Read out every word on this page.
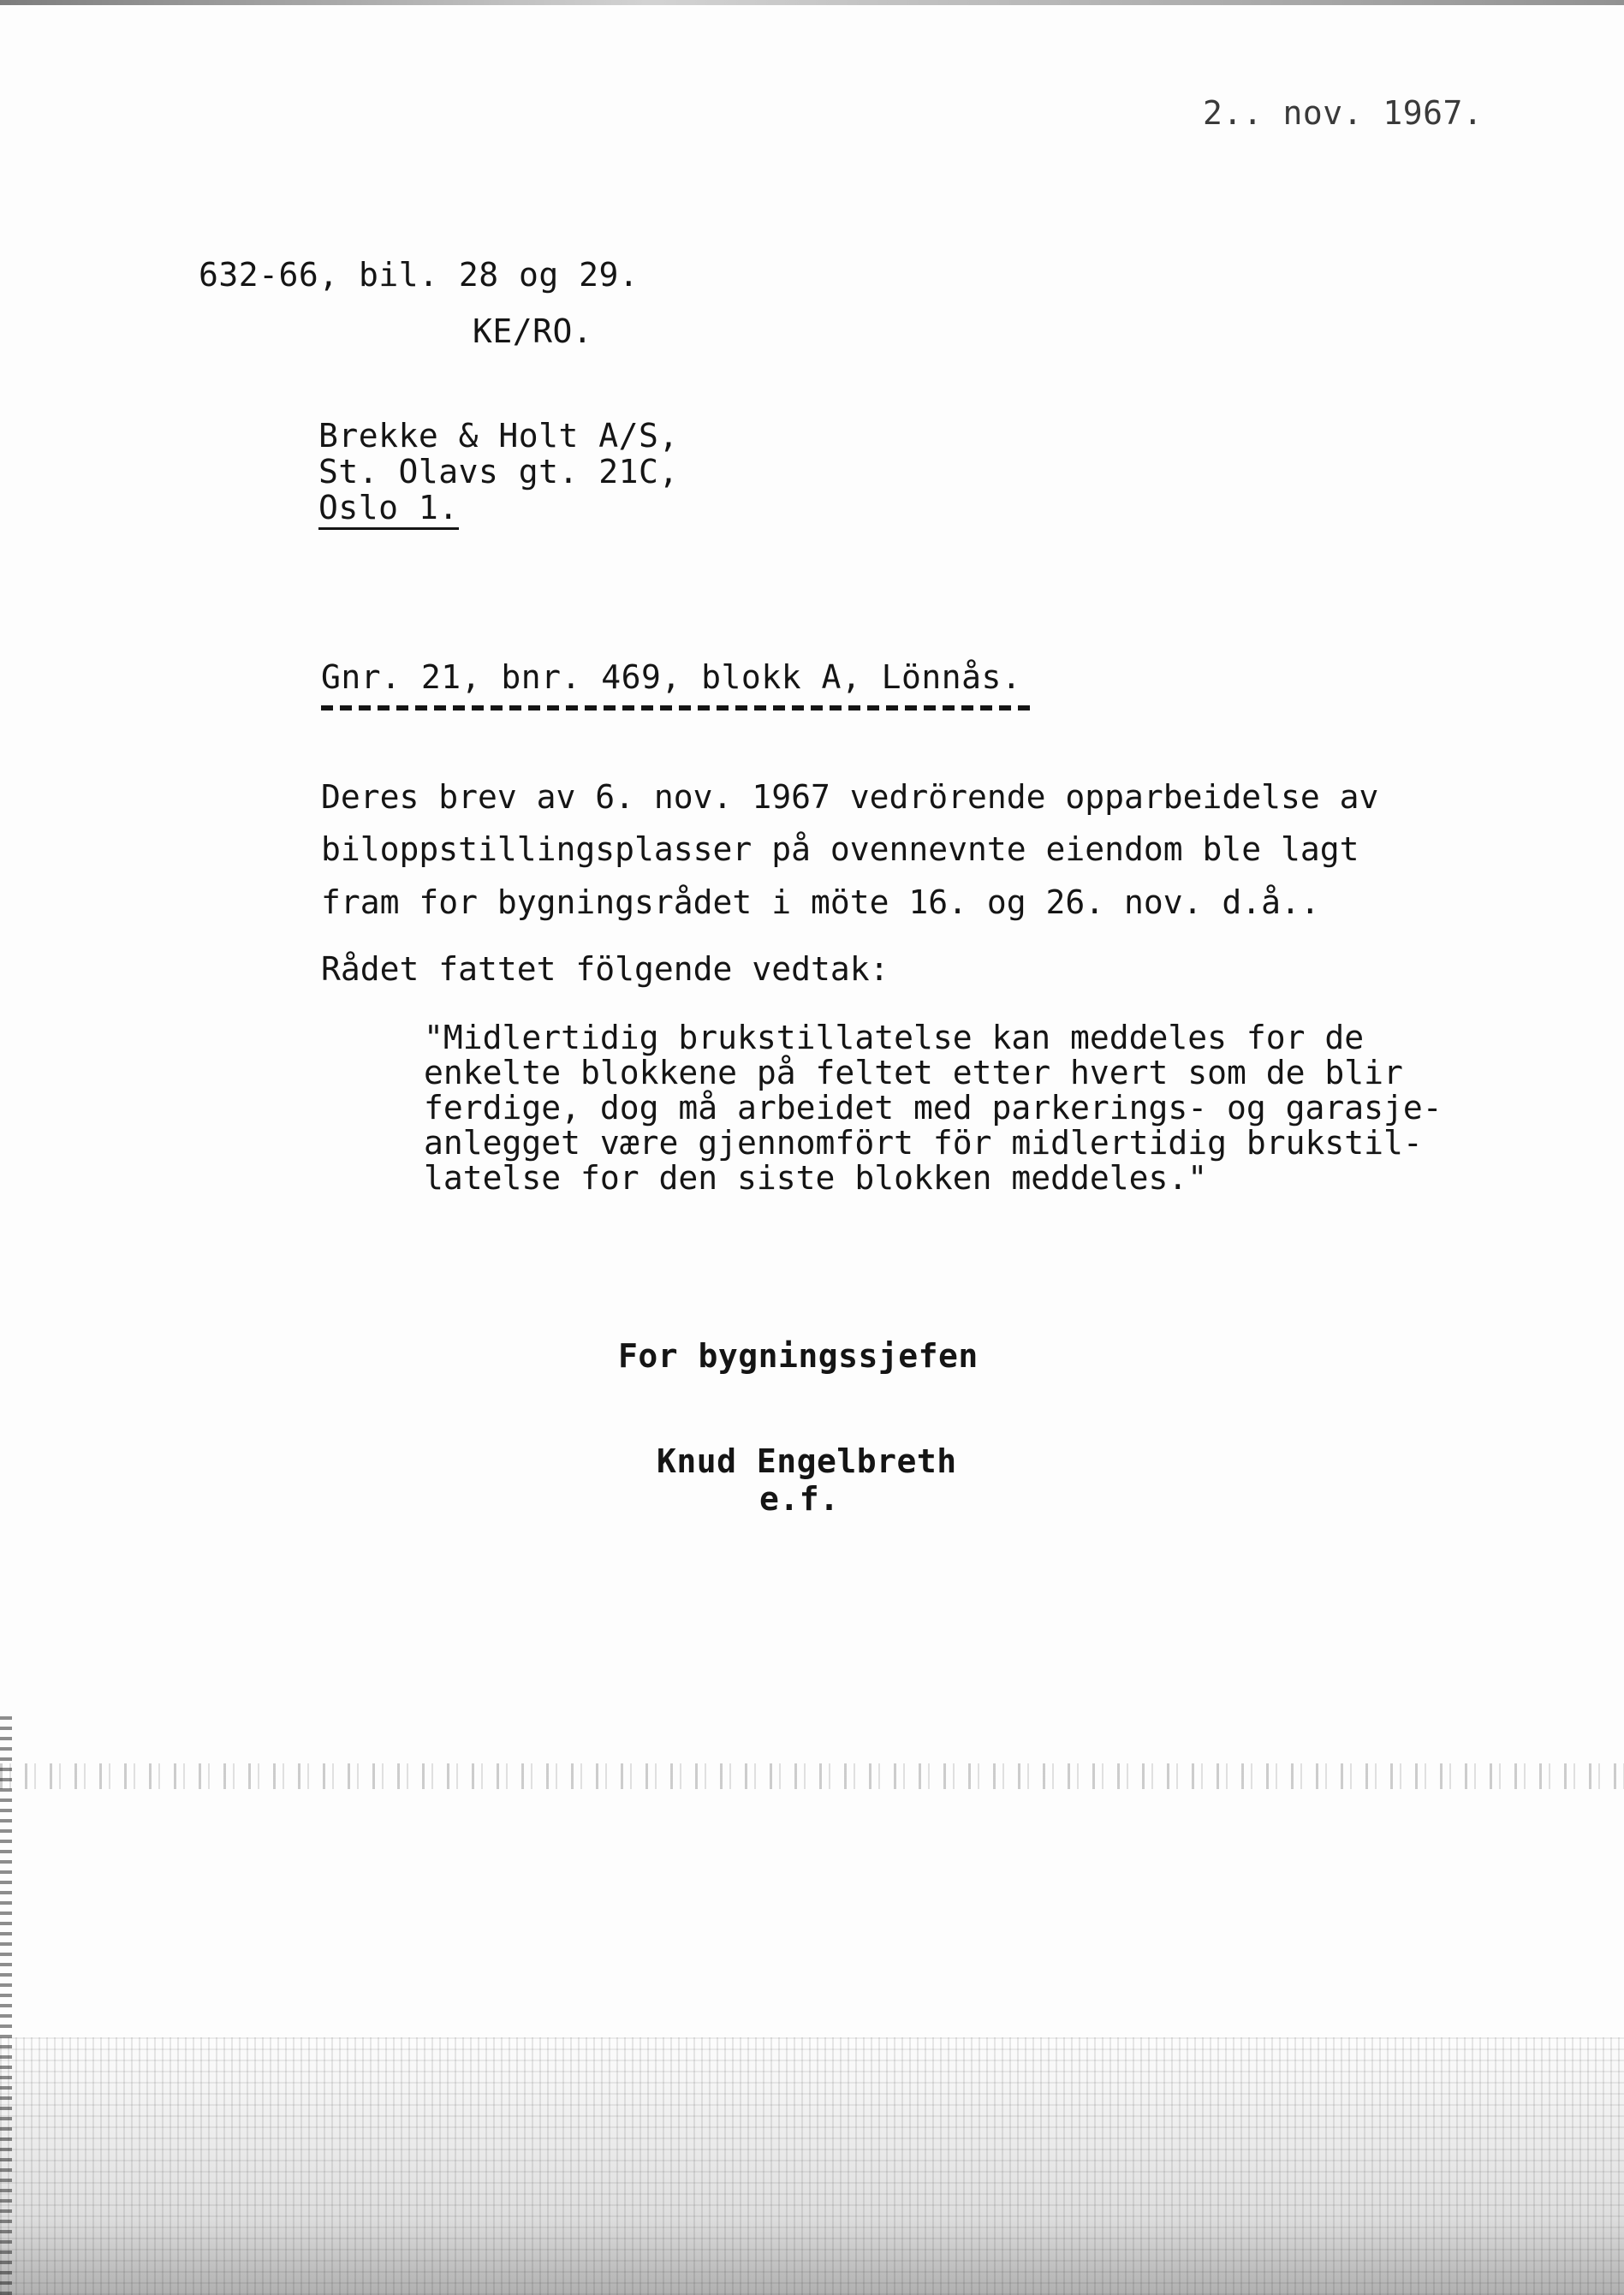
2.. nov. 1967.
632-66, bil. 28 og 29.
KE/RO.
Brekke & Holt A/S,
St. Olavs gt. 21C,
Oslo 1.
Gnr. 21, bnr. 469, blokk A, Lönnås.
Deres brev av 6. nov. 1967 vedrörende opparbeidelse av
biloppstillingsplasser på ovennevnte eiendom ble lagt
fram for bygningsrådet i möte 16. og 26. nov. d.å..
Rådet fattet fölgende vedtak:
"Midlertidig brukstillatelse kan meddeles for de
enkelte blokkene på feltet etter hvert som de blir
ferdige, dog må arbeidet med parkerings- og garasje-
anlegget være gjennomfört för midlertidig brukstil-
latelse for den siste blokken meddeles."
For bygningssjefen
Knud Engelbreth
e.f.
